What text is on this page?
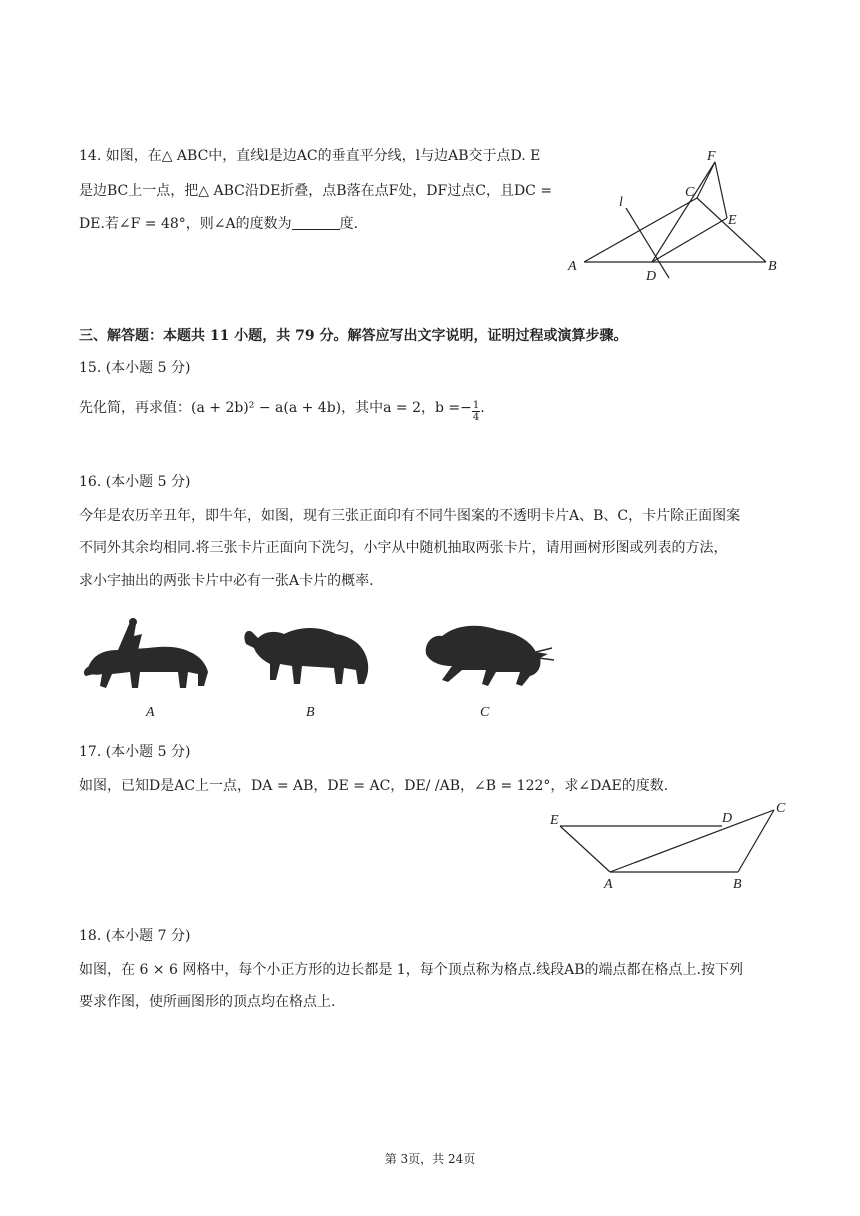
14. 如图，在△ ABC中，直线l是边AC的垂直平分线，l与边AB交于点D. E
是边BC上一点，把△ ABC沿DE折叠，点B落在点F处，DF过点C，且DC =
DE.若∠F = 48°，则∠A的度数为	度.
F
C
l
E
A
D
B
三、解答题：本题共 11 小题，共 79 分。解答应写出文字说明，证明过程或演算步骤。
15. (本小题 5 分)
先化简，再求值：(a + 2b)² − a(a + 4b)，其中a = 2，$b =- \frac{1}{4}$ .
16. (本小题 5 分)
今年是农历辛丑年，即牛年，如图，现有三张正面印有不同牛图案的不透明卡片A、B、C，卡片除正面图案
不同外其余均相同.将三张卡片正面向下洗匀，小宇从中随机抽取两张卡片，请用画树形图或列表的方法，
求小宇抽出的两张卡片中必有一张A卡片的概率.
A	B	C
17. (本小题 5 分)
如图，已知D是AC上一点，DA = AB，DE = AC，DE/ /AB，∠B = 122°，求∠DAE的度数.
E	D
C
A	B
18. (本小题 7 分)
如图，在 6 × 6 网格中，每个小正方形的边长都是 1，每个顶点称为格点.线段AB的端点都在格点上.按下列
要求作图，使所画图形的顶点均在格点上.
第 3页，共 24页
